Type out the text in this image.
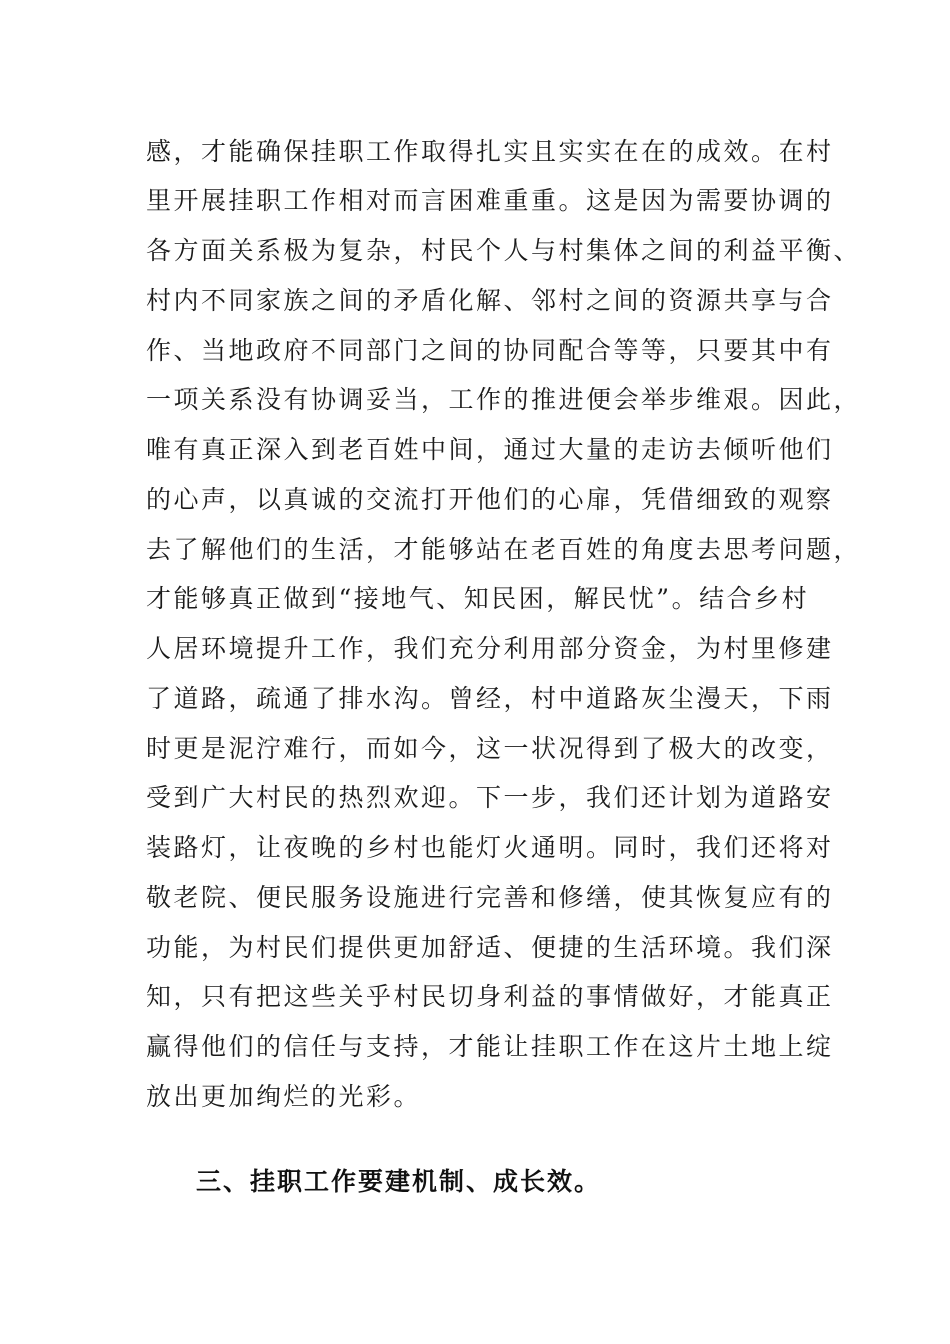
感，才能确保挂职工作取得扎实且实实在在的成效。在村
里开展挂职工作相对而言困难重重。这是因为需要协调的
各方面关系极为复杂，村民个人与村集体之间的利益平衡、
村内不同家族之间的矛盾化解、邻村之间的资源共享与合
作、当地政府不同部门之间的协同配合等等，只要其中有
一项关系没有协调妥当，工作的推进便会举步维艰。因此，
唯有真正深入到老百姓中间，通过大量的走访去倾听他们
的心声，以真诚的交流打开他们的心扉，凭借细致的观察
去了解他们的生活，才能够站在老百姓的角度去思考问题，
才能够真正做到“接地气、知民困，解民忧”。结合乡村
人居环境提升工作，我们充分利用部分资金，为村里修建
了道路，疏通了排水沟。曾经，村中道路灰尘漫天，下雨
时更是泥泞难行，而如今，这一状况得到了极大的改变，
受到广大村民的热烈欢迎。下一步，我们还计划为道路安
装路灯，让夜晚的乡村也能灯火通明。同时，我们还将对
敬老院、便民服务设施进行完善和修缮，使其恢复应有的
功能，为村民们提供更加舒适、便捷的生活环境。我们深
知，只有把这些关乎村民切身利益的事情做好，才能真正
赢得他们的信任与支持，才能让挂职工作在这片土地上绽
放出更加绚烂的光彩。
三、挂职工作要建机制、成长效。
